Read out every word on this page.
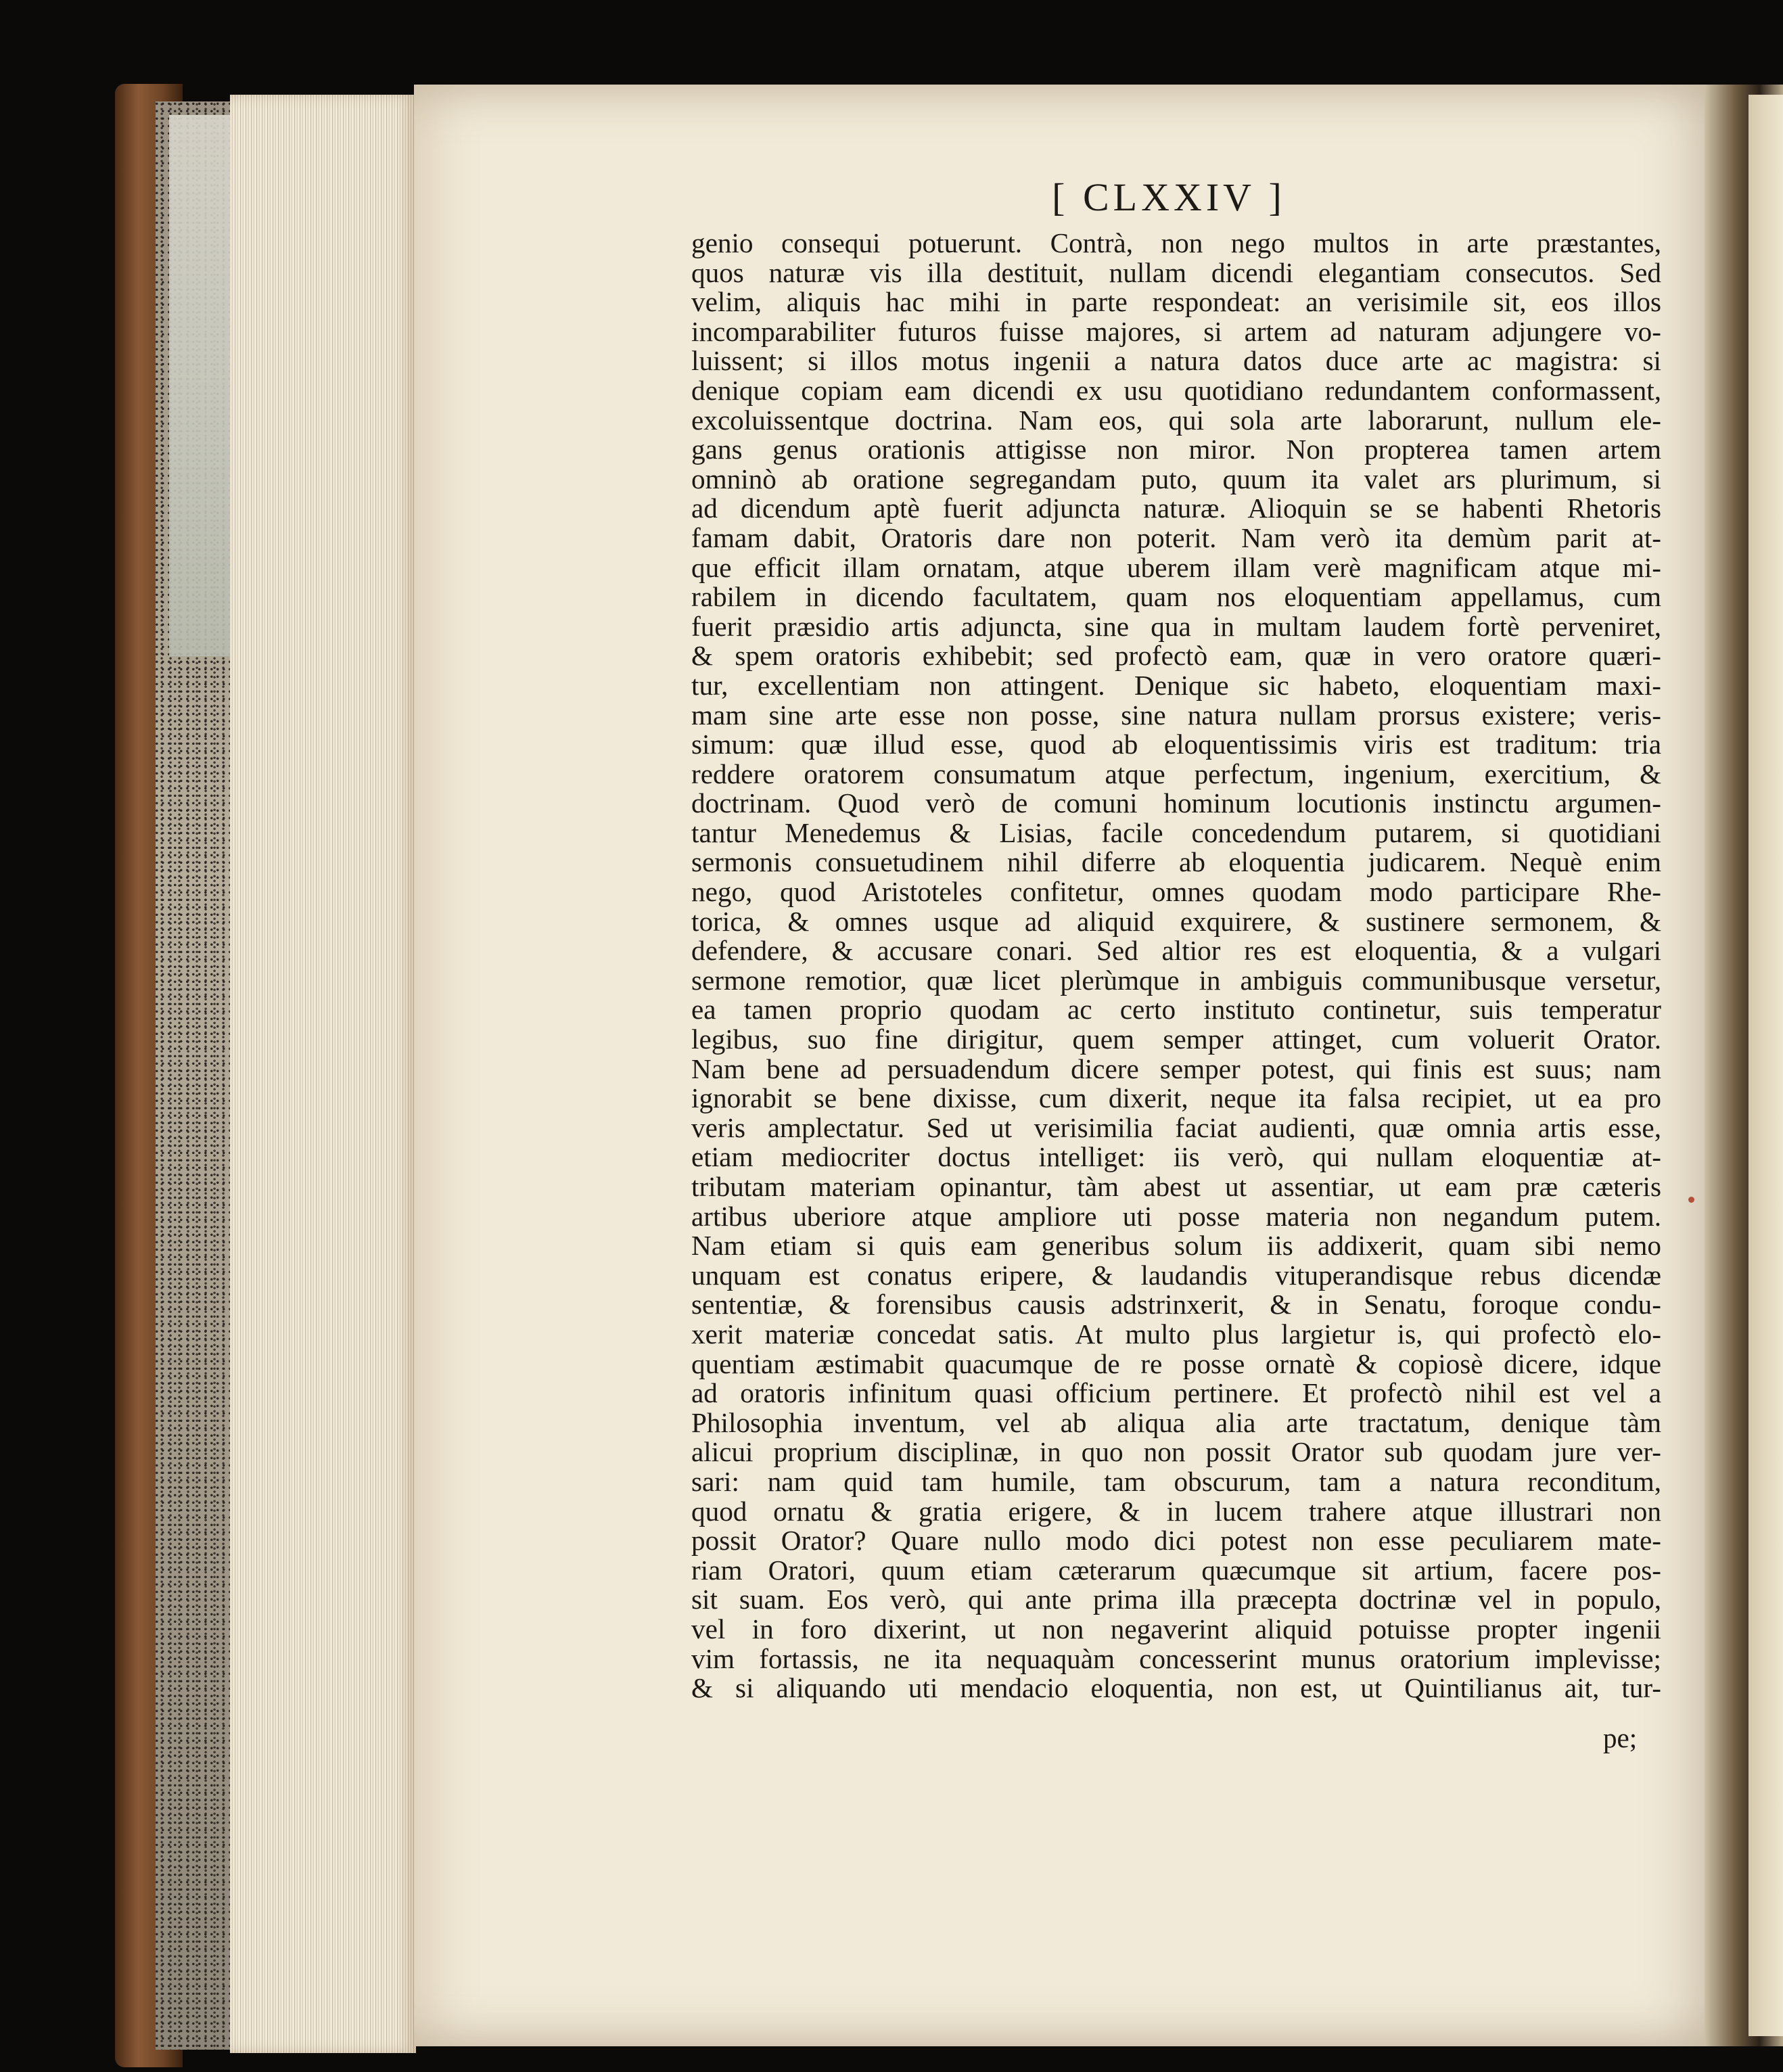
[ CLXXIV ]
genio consequi potuerunt. Contrà, non nego multos in arte præstantes,
quos naturæ vis illa destituit, nullam dicendi elegantiam consecutos. Sed
velim, aliquis hac mihi in parte respondeat: an verisimile sit, eos illos
incomparabiliter futuros fuisse majores, si artem ad naturam adjungere vo-
luissent; si illos motus ingenii a natura datos duce arte ac magistra: si
denique copiam eam dicendi ex usu quotidiano redundantem conformassent,
excoluissentque doctrina. Nam eos, qui sola arte laborarunt, nullum ele-
gans genus orationis attigisse non miror. Non propterea tamen artem
omninò ab oratione segregandam puto, quum ita valet ars plurimum, si
ad dicendum aptè fuerit adjuncta naturæ. Alioquin se se habenti Rhetoris
famam dabit, Oratoris dare non poterit. Nam verò ita demùm parit at-
que efficit illam ornatam, atque uberem illam verè magnificam atque mi-
rabilem in dicendo facultatem, quam nos eloquentiam appellamus, cum
fuerit præsidio artis adjuncta, sine qua in multam laudem fortè perveniret,
& spem oratoris exhibebit; sed profectò eam, quæ in vero oratore quæri-
tur, excellentiam non attingent. Denique sic habeto, eloquentiam maxi-
mam sine arte esse non posse, sine natura nullam prorsus existere; veris-
simum: quæ illud esse, quod ab eloquentissimis viris est traditum: tria
reddere oratorem consumatum atque perfectum, ingenium, exercitium, &
doctrinam. Quod verò de comuni hominum locutionis instinctu argumen-
tantur Menedemus & Lisias, facile concedendum putarem, si quotidiani
sermonis consuetudinem nihil diferre ab eloquentia judicarem. Nequè enim
nego, quod Aristoteles confitetur, omnes quodam modo participare Rhe-
torica, & omnes usque ad aliquid exquirere, & sustinere sermonem, &
defendere, & accusare conari. Sed altior res est eloquentia, & a vulgari
sermone remotior, quæ licet plerùmque in ambiguis communibusque versetur,
ea tamen proprio quodam ac certo instituto continetur, suis temperatur
legibus, suo fine dirigitur, quem semper attinget, cum voluerit Orator.
Nam bene ad persuadendum dicere semper potest, qui finis est suus; nam
ignorabit se bene dixisse, cum dixerit, neque ita falsa recipiet, ut ea pro
veris amplectatur. Sed ut verisimilia faciat audienti, quæ omnia artis esse,
etiam mediocriter doctus intelliget: iis verò, qui nullam eloquentiæ at-
tributam materiam opinantur, tàm abest ut assentiar, ut eam præ cæteris
artibus uberiore atque ampliore uti posse materia non negandum putem.
Nam etiam si quis eam generibus solum iis addixerit, quam sibi nemo
unquam est conatus eripere, & laudandis vituperandisque rebus dicendæ
sententiæ, & forensibus causis adstrinxerit, & in Senatu, foroque condu-
xerit materiæ concedat satis. At multo plus largietur is, qui profectò elo-
quentiam æstimabit quacumque de re posse ornatè & copiosè dicere, idque
ad oratoris infinitum quasi officium pertinere. Et profectò nihil est vel a
Philosophia inventum, vel ab aliqua alia arte tractatum, denique tàm
alicui proprium disciplinæ, in quo non possit Orator sub quodam jure ver-
sari: nam quid tam humile, tam obscurum, tam a natura reconditum,
quod ornatu & gratia erigere, & in lucem trahere atque illustrari non
possit Orator? Quare nullo modo dici potest non esse peculiarem mate-
riam Oratori, quum etiam cæterarum quæcumque sit artium, facere pos-
sit suam. Eos verò, qui ante prima illa præcepta doctrinæ vel in populo,
vel in foro dixerint, ut non negaverint aliquid potuisse propter ingenii
vim fortassis, ne ita nequaquàm concesserint munus oratorium implevisse;
& si aliquando uti mendacio eloquentia, non est, ut Quintilianus ait, tur-
pe;
